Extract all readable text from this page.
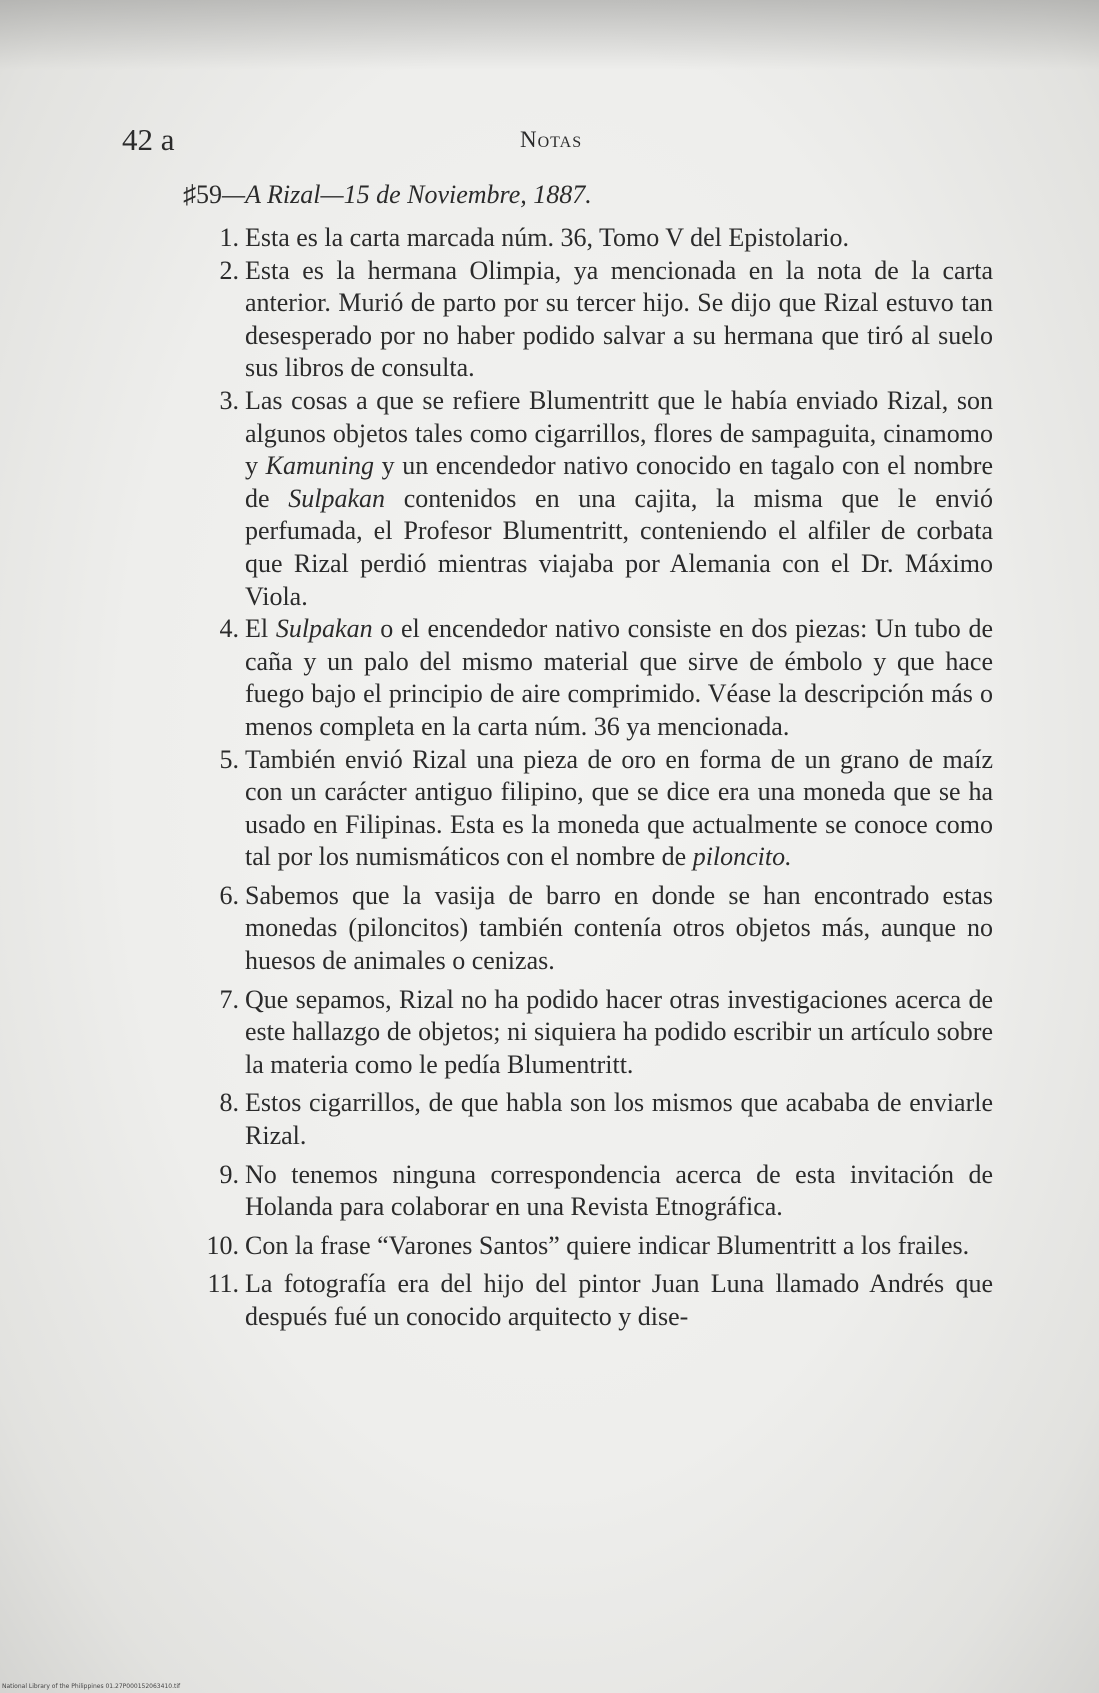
42 a	Notas
♯59—A Rizal—15 de Noviembre, 1887.
1 . Esta es la carta marcada núm. 36, Tomo V del Epistolario.
2 . Esta es la hermana Olimpia, ya mencionada en la nota de la carta anterior. Murió de parto por su tercer hijo. Se dijo que Rizal estuvo tan desesperado por no haber podido salvar a su hermana que tiró al suelo sus libros de consulta.
3 . Las cosas a que se refiere Blumentritt que le había enviado Rizal, son algunos objetos tales como cigarrillos, flores de sampaguita, cinamomo y Kamuning y un encendedor nativo conocido en tagalo con el nombre de Sulpakan contenidos en una cajita, la misma que le envió perfumada, el Profesor Blumentritt, conteniendo el alfiler de corbata que Rizal perdió mientras viajaba por Alemania con el Dr. Máximo Viola.
4 . El Sulpakan o el encendedor nativo consiste en dos piezas: Un tubo de caña y un palo del mismo material que sirve de émbolo y que hace fuego bajo el principio de aire comprimido. Véase la descripción más o menos completa en la carta núm. 36 ya mencionada.
5 . También envió Rizal una pieza de oro en forma de un grano de maíz con un carácter antiguo filipino, que se dice era una moneda que se ha usado en Filipinas. Esta es la moneda que actualmente se conoce como tal por los numismáticos con el nombre de piloncito.
6 . Sabemos que la vasija de barro en donde se han encontrado estas monedas (piloncitos) también contenía otros objetos más, aunque no huesos de animales o cenizas.
7 . Que sepamos, Rizal no ha podido hacer otras investigaciones acerca de este hallazgo de objetos; ni siquiera ha podido escribir un artículo sobre la materia como le pedía Blumentritt.
8 . Estos cigarrillos, de que habla son los mismos que acababa de enviarle Rizal.
9 . No tenemos ninguna correspondencia acerca de esta invitación de Holanda para colaborar en una Revista Etnográfica.
10 . Con la frase “Varones Santos” quiere indicar Blumentritt a los frailes.
11 . La fotografía era del hijo del pintor Juan Luna llamado Andrés que después fué un conocido arquitecto y dise-
National Library of the Philippines 01.27P000152063410.tif
